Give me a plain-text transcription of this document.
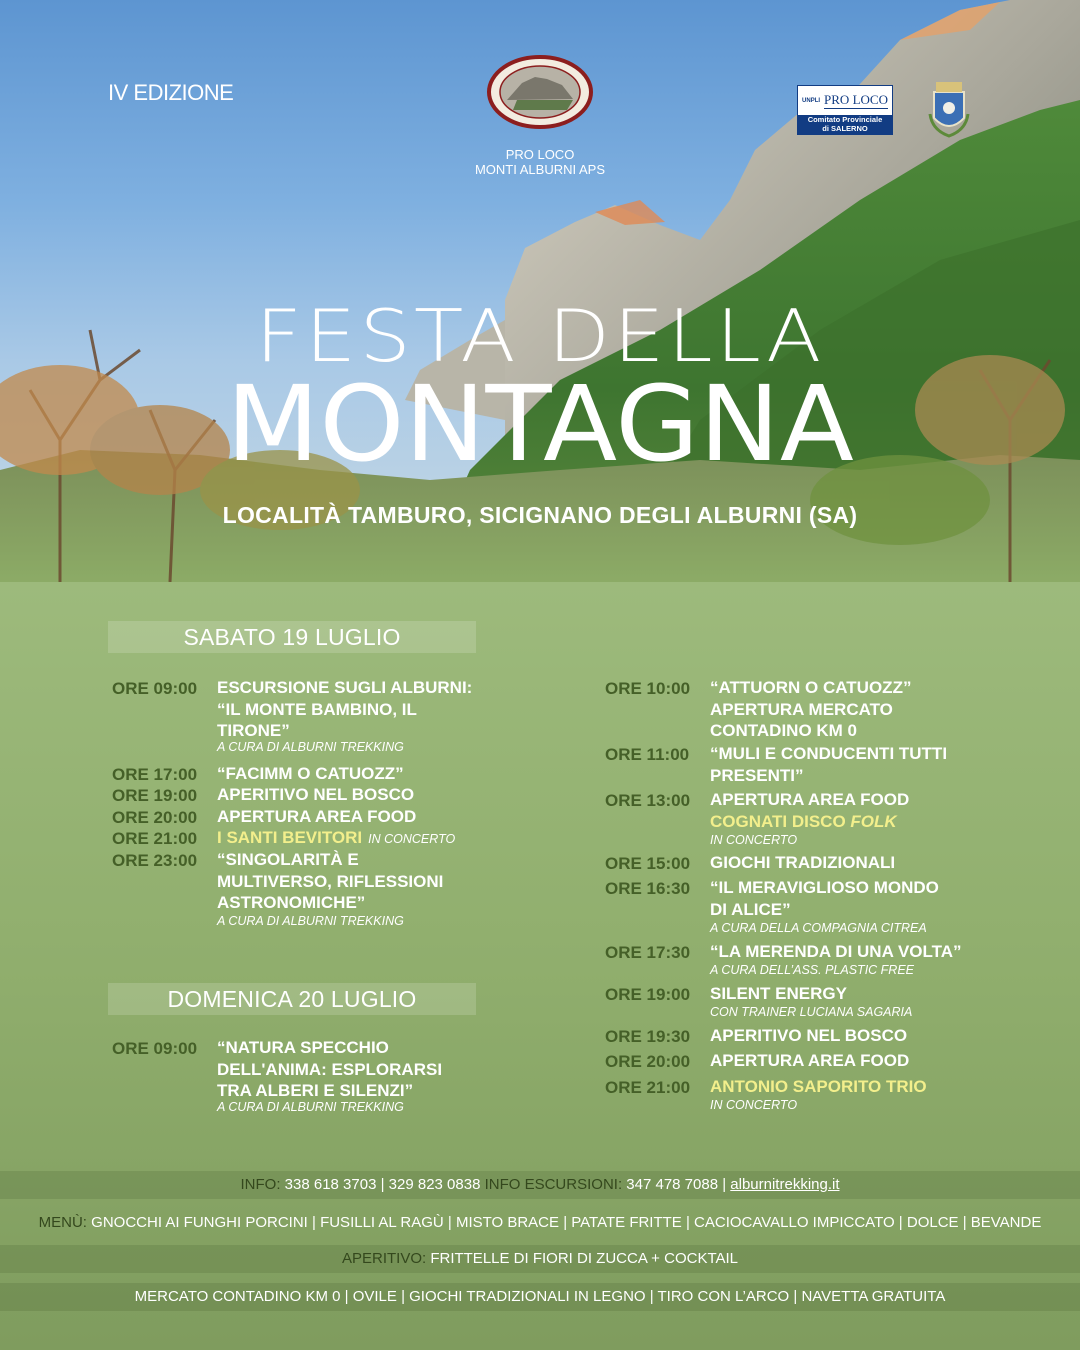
IV EDIZIONE
PRO LOCO
MONTI ALBURNI APS
UNPLI PRO LOCO
Comitato Provinciale
di SALERNO
FESTA DELLA
MONTAGNA
LOCALITÀ TAMBURO, SICIGNANO DEGLI ALBURNI (SA)
SABATO 19 LUGLIO
ORE 09:00 ESCURSIONE SUGLI ALBURNI: “IL MONTE BAMBINO, IL TIRONE”
A CURA DI ALBURNI TREKKING
ORE 17:00 “FACIMM O CATUOZZ”
ORE 19:00 APERITIVO NEL BOSCO
ORE 20:00 APERTURA AREA FOOD
ORE 21:00 I SANTI BEVITORI IN CONCERTO
ORE 23:00 “SINGOLARITÀ E MULTIVERSO, RIFLESSIONI ASTRONOMICHE”
A CURA DI ALBURNI TREKKING
DOMENICA 20 LUGLIO
ORE 09:00 “NATURA SPECCHIO DELL'ANIMA: ESPLORARSI TRA ALBERI E SILENZI”
A CURA DI ALBURNI TREKKING
ORE 10:00 “ATTUORN O CATUOZZ” APERTURA MERCATO CONTADINO KM 0
ORE 11:00 “MULI E CONDUCENTI TUTTI PRESENTI”
ORE 13:00 APERTURA AREA FOOD
COGNATI DISCO FOLK
IN CONCERTO
ORE 15:00 GIOCHI TRADIZIONALI
ORE 16:30 “IL MERAVIGLIOSO MONDO DI ALICE”
A CURA DELLA COMPAGNIA CITREA
ORE 17:30 “LA MERENDA DI UNA VOLTA”
A CURA DELL’ASS. PLASTIC FREE
ORE 19:00 SILENT ENERGY
CON TRAINER LUCIANA SAGARIA
ORE 19:30 APERITIVO NEL BOSCO
ORE 20:00 APERTURA AREA FOOD
ORE 21:00 ANTONIO SAPORITO TRIO
IN CONCERTO
INFO: 338 618 3703 | 329 823 0838 INFO ESCURSIONI: 347 478 7088 | alburnitrekking.it
MENÙ: GNOCCHI AI FUNGHI PORCINI | FUSILLI AL RAGÙ | MISTO BRACE | PATATE FRITTE | CACIOCAVALLO IMPICCATO | DOLCE | BEVANDE
APERITIVO: FRITTELLE DI FIORI DI ZUCCA + COCKTAIL
MERCATO CONTADINO KM 0 | OVILE | GIOCHI TRADIZIONALI IN LEGNO | TIRO CON L’ARCO | NAVETTA GRATUITA
